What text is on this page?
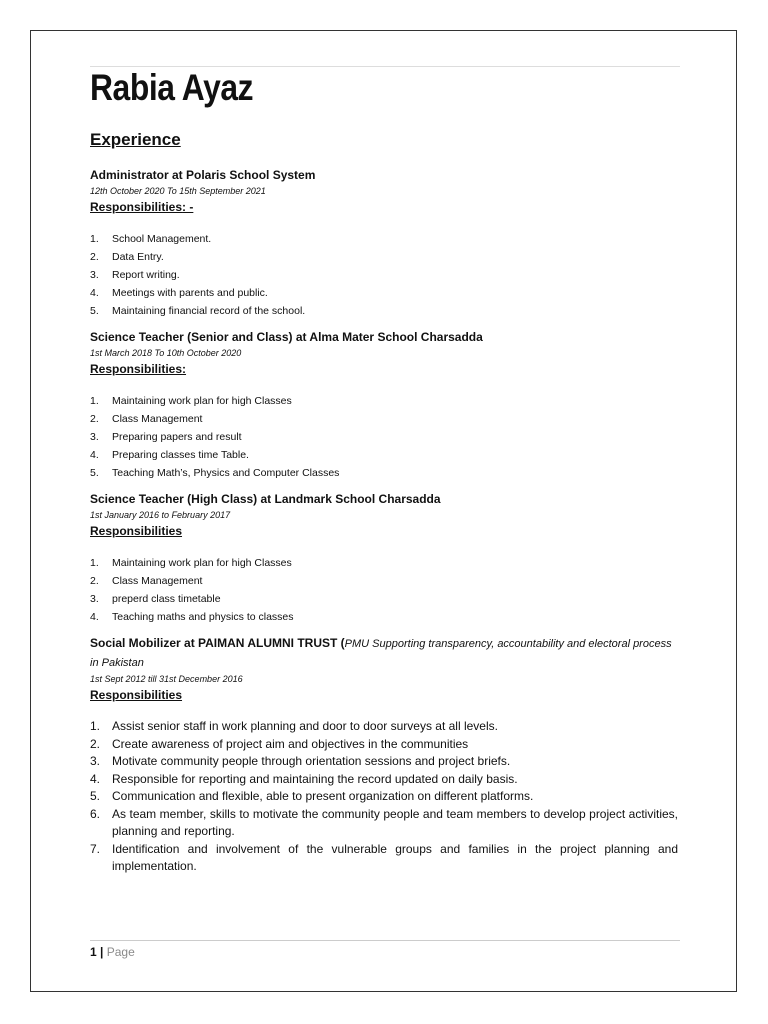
Rabia Ayaz
Experience

Administrator at Polaris School System

12th October 2020 To 15th September 2021

Responsibilities: -

1.	School Management.
2.	Data Entry.
3.	Report writing.
4.	Meetings with parents and public.
5.	Maintaining financial record of the school.

Science Teacher (Senior and Class) at Alma Mater School Charsadda

1st March 2018 To 10th October 2020

Responsibilities:

1.	Maintaining work plan for high Classes
2.	Class Management
3.	Preparing papers and result
4.	Preparing classes time Table.
5.	Teaching Math’s, Physics and Computer Classes

Science Teacher (High Class) at Landmark School Charsadda

1st January 2016 to February 2017

Responsibilities

1.	Maintaining work plan for high Classes
2.	Class Management
3.	preperd class timetable
4.	Teaching maths and physics to classes

Social Mobilizer at PAIMAN ALUMNI TRUST (PMU Supporting transparency, accountability and electoral process in Pakistan

1st Sept 2012 till 31st December 2016

Responsibilities

1. Assist senior staff in work planning and door to door surveys at all levels.
2. Create awareness of project aim and objectives in the communities
3. Motivate community people through orientation sessions and project briefs.
4. Responsible for reporting and maintaining the record updated on daily basis.
5. Communication and flexible, able to present organization on different platforms.
6. As team member, skills to motivate the community people and team members to develop project activities, planning and reporting.
7. Identification and involvement of the vulnerable groups and families in the project planning and implementation.
1 | Page
